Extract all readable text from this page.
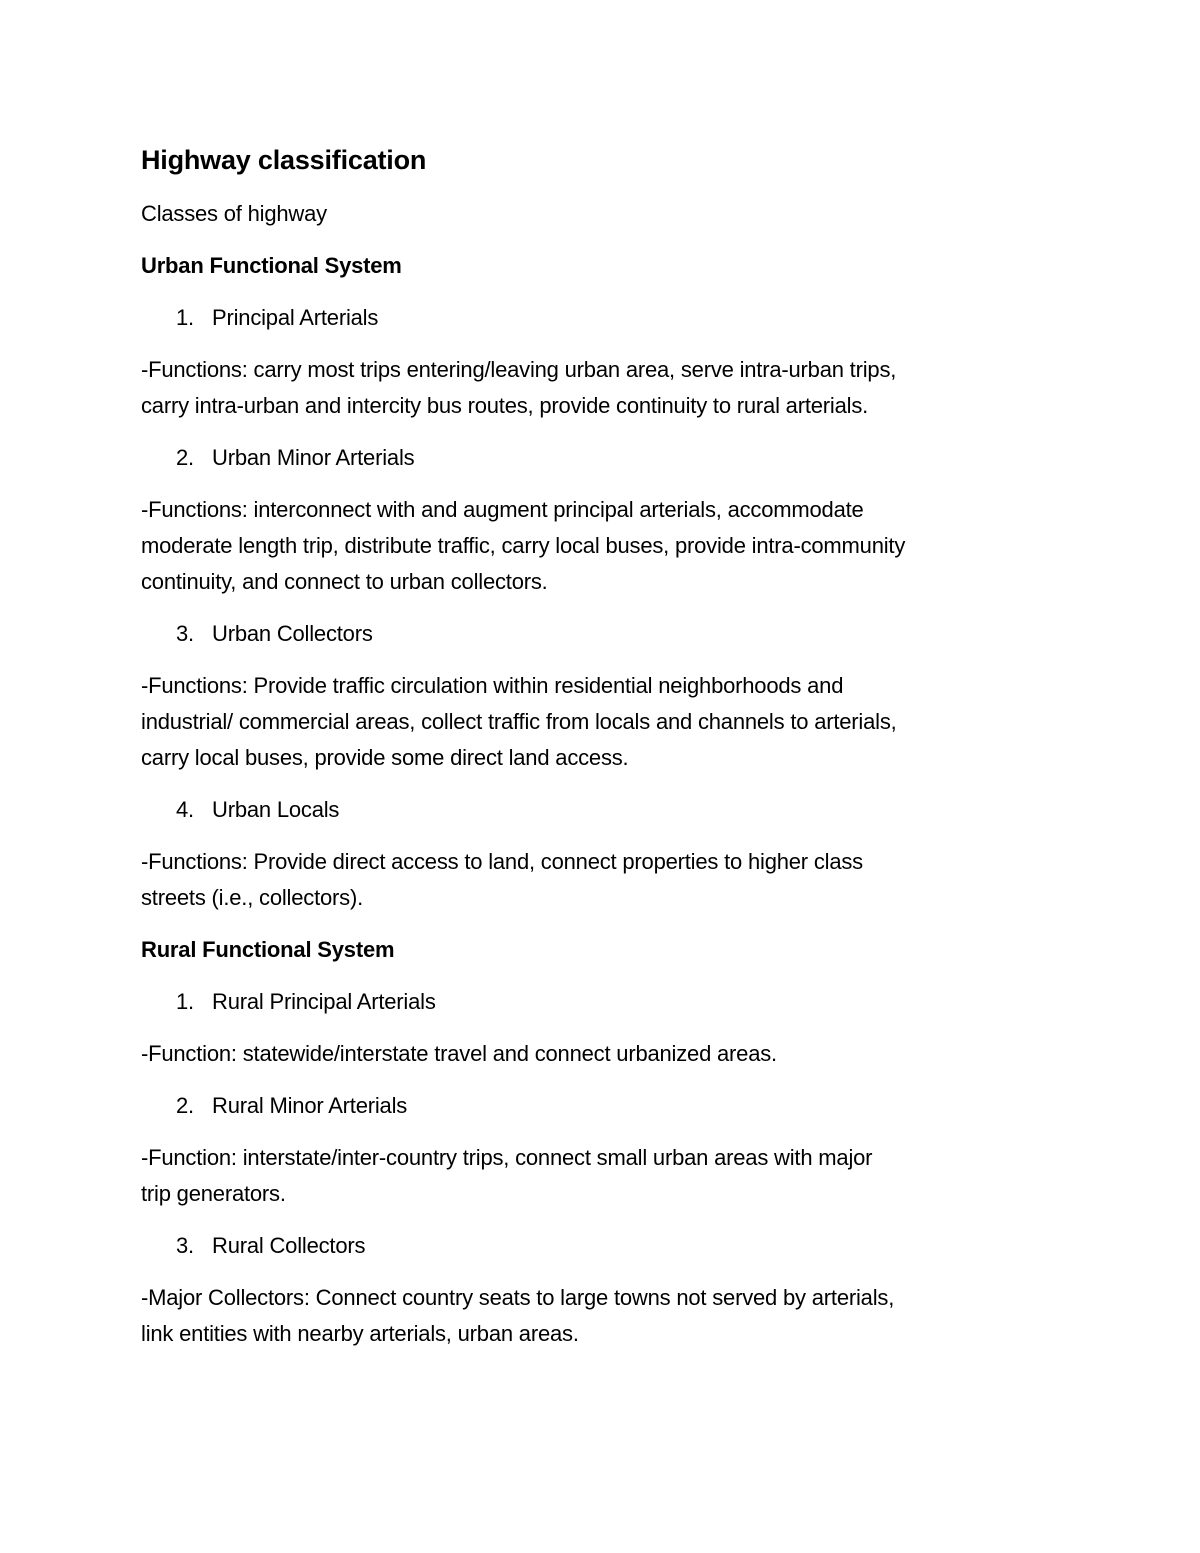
Highway classification
Classes of highway
Urban Functional System
1. Principal Arterials
-Functions: carry most trips entering/leaving urban area, serve intra-urban trips,
carry intra-urban and intercity bus routes, provide continuity to rural arterials.
2. Urban Minor Arterials
-Functions: interconnect with and augment principal arterials, accommodate
moderate length trip, distribute traffic, carry local buses, provide intra-community
continuity, and connect to urban collectors.
3. Urban Collectors
-Functions: Provide traffic circulation within residential neighborhoods and
industrial/ commercial areas, collect traffic from locals and channels to arterials,
carry local buses, provide some direct land access.
4. Urban Locals
-Functions: Provide direct access to land, connect properties to higher class
streets (i.e., collectors).
Rural Functional System
1. Rural Principal Arterials
-Function: statewide/interstate travel and connect urbanized areas.
2. Rural Minor Arterials
-Function: interstate/inter-country trips, connect small urban areas with major
trip generators.
3. Rural Collectors
-Major Collectors: Connect country seats to large towns not served by arterials,
link entities with nearby arterials, urban areas.
